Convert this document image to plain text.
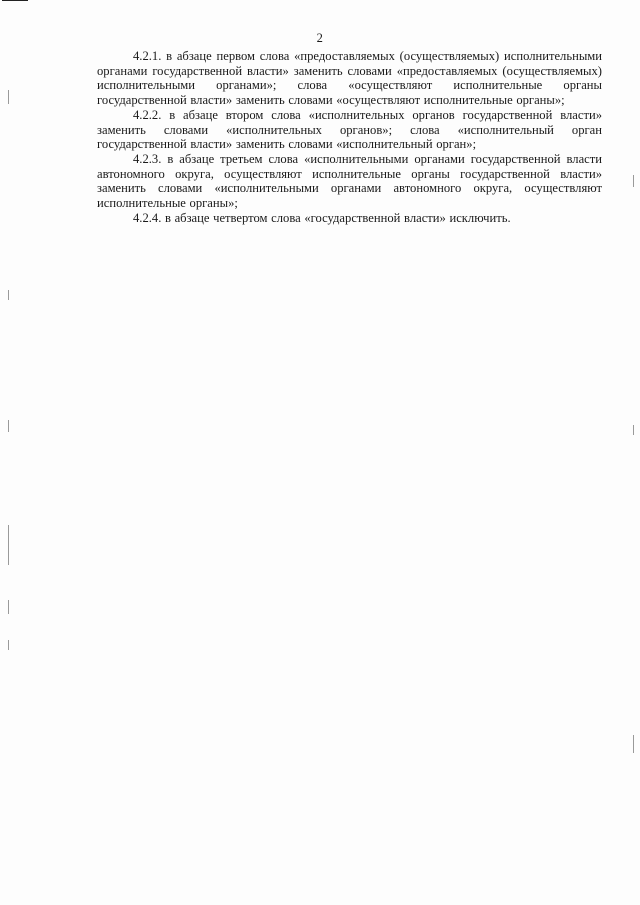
2

4.2.1. в абзаце первом слова «предоставляемых (осуществляемых) исполнительными органами государственной власти» заменить словами «предоставляемых (осуществляемых) исполнительными органами»; слова «осуществляют исполнительные органы государственной власти» заменить словами «осуществляют исполнительные органы»;

4.2.2. в абзаце втором слова «исполнительных органов государственной власти» заменить словами «исполнительных органов»; слова «исполнительный орган государственной власти» заменить словами «исполнительный орган»;

4.2.3. в абзаце третьем слова «исполнительными органами государственной власти автономного округа, осуществляют исполнительные органы государственной власти» заменить словами «исполнительными органами автономного округа, осуществляют исполнительные органы»;

4.2.4. в абзаце четвертом слова «государственной власти» исключить.
